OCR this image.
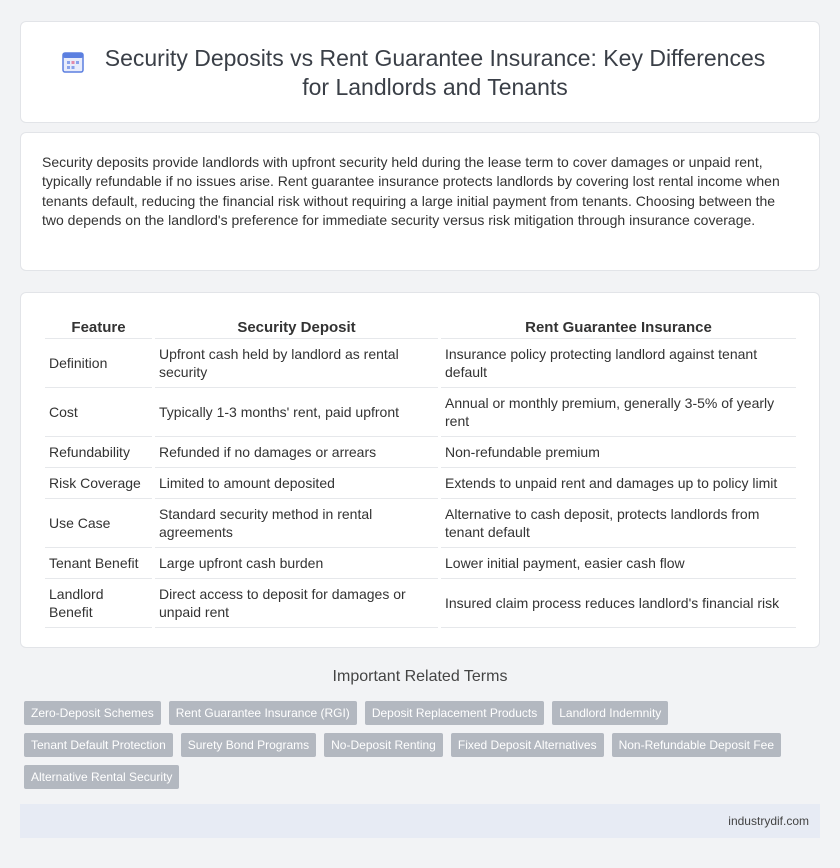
Security Deposits vs Rent Guarantee Insurance: Key Differences for Landlords and Tenants

Security deposits provide landlords with upfront security held during the lease term to cover damages or unpaid rent, typically refundable if no issues arise. Rent guarantee insurance protects landlords by covering lost rental income when tenants default, reducing the financial risk without requiring a large initial payment from tenants. Choosing between the two depends on the landlord's preference for immediate security versus risk mitigation through insurance coverage.

Feature	Security Deposit	Rent Guarantee Insurance
Definition	Upfront cash held by landlord as rental security	Insurance policy protecting landlord against tenant default
Cost	Typically 1-3 months' rent, paid upfront	Annual or monthly premium, generally 3-5% of yearly rent
Refundability	Refunded if no damages or arrears	Non-refundable premium
Risk Coverage	Limited to amount deposited	Extends to unpaid rent and damages up to policy limit
Use Case	Standard security method in rental agreements	Alternative to cash deposit, protects landlords from tenant default
Tenant Benefit	Large upfront cash burden	Lower initial payment, easier cash flow
Landlord Benefit	Direct access to deposit for damages or unpaid rent	Insured claim process reduces landlord's financial risk
Important Related Terms
Zero-Deposit Schemes	Rent Guarantee Insurance (RGI)	Deposit Replacement Products	Landlord Indemnity
Tenant Default Protection	Surety Bond Programs	No-Deposit Renting	Fixed Deposit Alternatives	Non-Refundable Deposit Fee
Alternative Rental Security
industrydif.com
